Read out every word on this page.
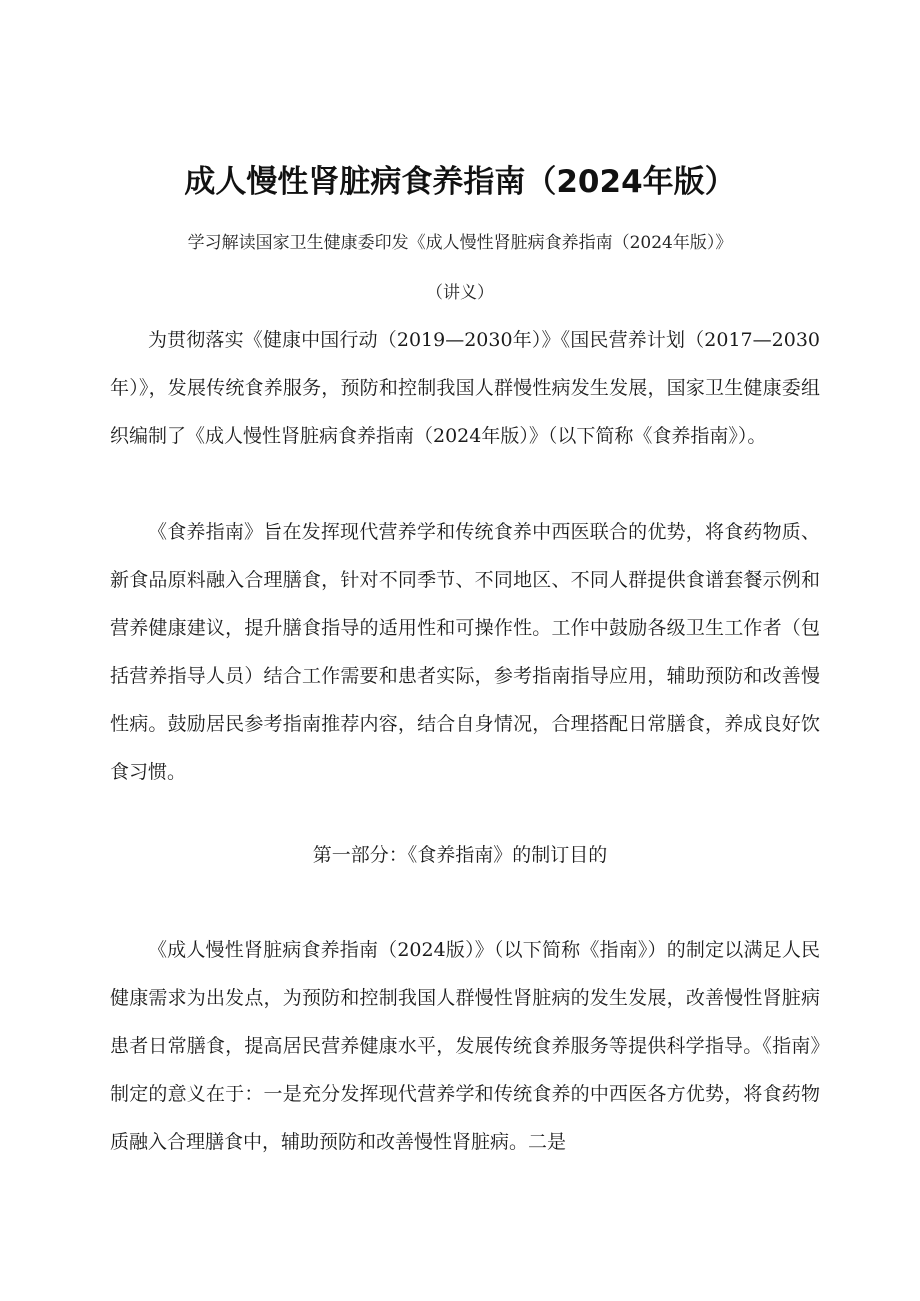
成人慢性肾脏病食养指南（2024年版）

学习解读国家卫生健康委印发《成人慢性肾脏病食养指南（2024年版）》

（讲义）

为贯彻落实《健康中国行动（2019—2030年）》《国民营养计划（2017—2030年）》，发展传统食养服务，预防和控制我国人群慢性病发生发展，国家卫生健康委组织编制了《成人慢性肾脏病食养指南（2024年版）》（以下简称《食养指南》）。

《食养指南》旨在发挥现代营养学和传统食养中西医联合的优势，将食药物质、新食品原料融入合理膳食，针对不同季节、不同地区、不同人群提供食谱套餐示例和营养健康建议，提升膳食指导的适用性和可操作性。工作中鼓励各级卫生工作者（包括营养指导人员）结合工作需要和患者实际，参考指南指导应用，辅助预防和改善慢性病。鼓励居民参考指南推荐内容，结合自身情况，合理搭配日常膳食，养成良好饮食习惯。

第一部分：《食养指南》的制订目的

《成人慢性肾脏病食养指南（2024版）》（以下简称《指南》）的制定以满足人民健康需求为出发点，为预防和控制我国人群慢性肾脏病的发生发展，改善慢性肾脏病患者日常膳食，提高居民营养健康水平，发展传统食养服务等提供科学指导。《指南》制定的意义在于：一是充分发挥现代营养学和传统食养的中西医各方优势，将食药物质融入合理膳食中，辅助预防和改善慢性肾脏病。二是
